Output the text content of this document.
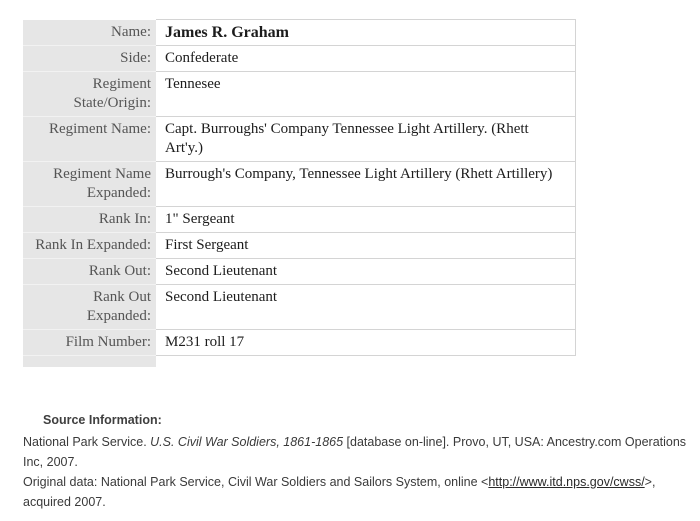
Name:	James R. Graham
Side:	Confederate
Regiment State/Origin:	Tennesee
Regiment Name:	Capt. Burroughs' Company Tennessee Light Artillery. (Rhett Art'y.)
Regiment Name Expanded:	Burrough's Company, Tennessee Light Artillery (Rhett Artillery)
Rank In:	1" Sergeant
Rank In Expanded:	First Sergeant
Rank Out:	Second Lieutenant
Rank Out Expanded:	Second Lieutenant
Film Number:	M231 roll 17

Source Information:

National Park Service. U.S. Civil War Soldiers, 1861-1865 [database on-line]. Provo, UT, USA: Ancestry.com Operations Inc, 2007.

Original data: National Park Service, Civil War Soldiers and Sailors System, online <http://www.itd.nps.gov/cwss/>, acquired 2007.
